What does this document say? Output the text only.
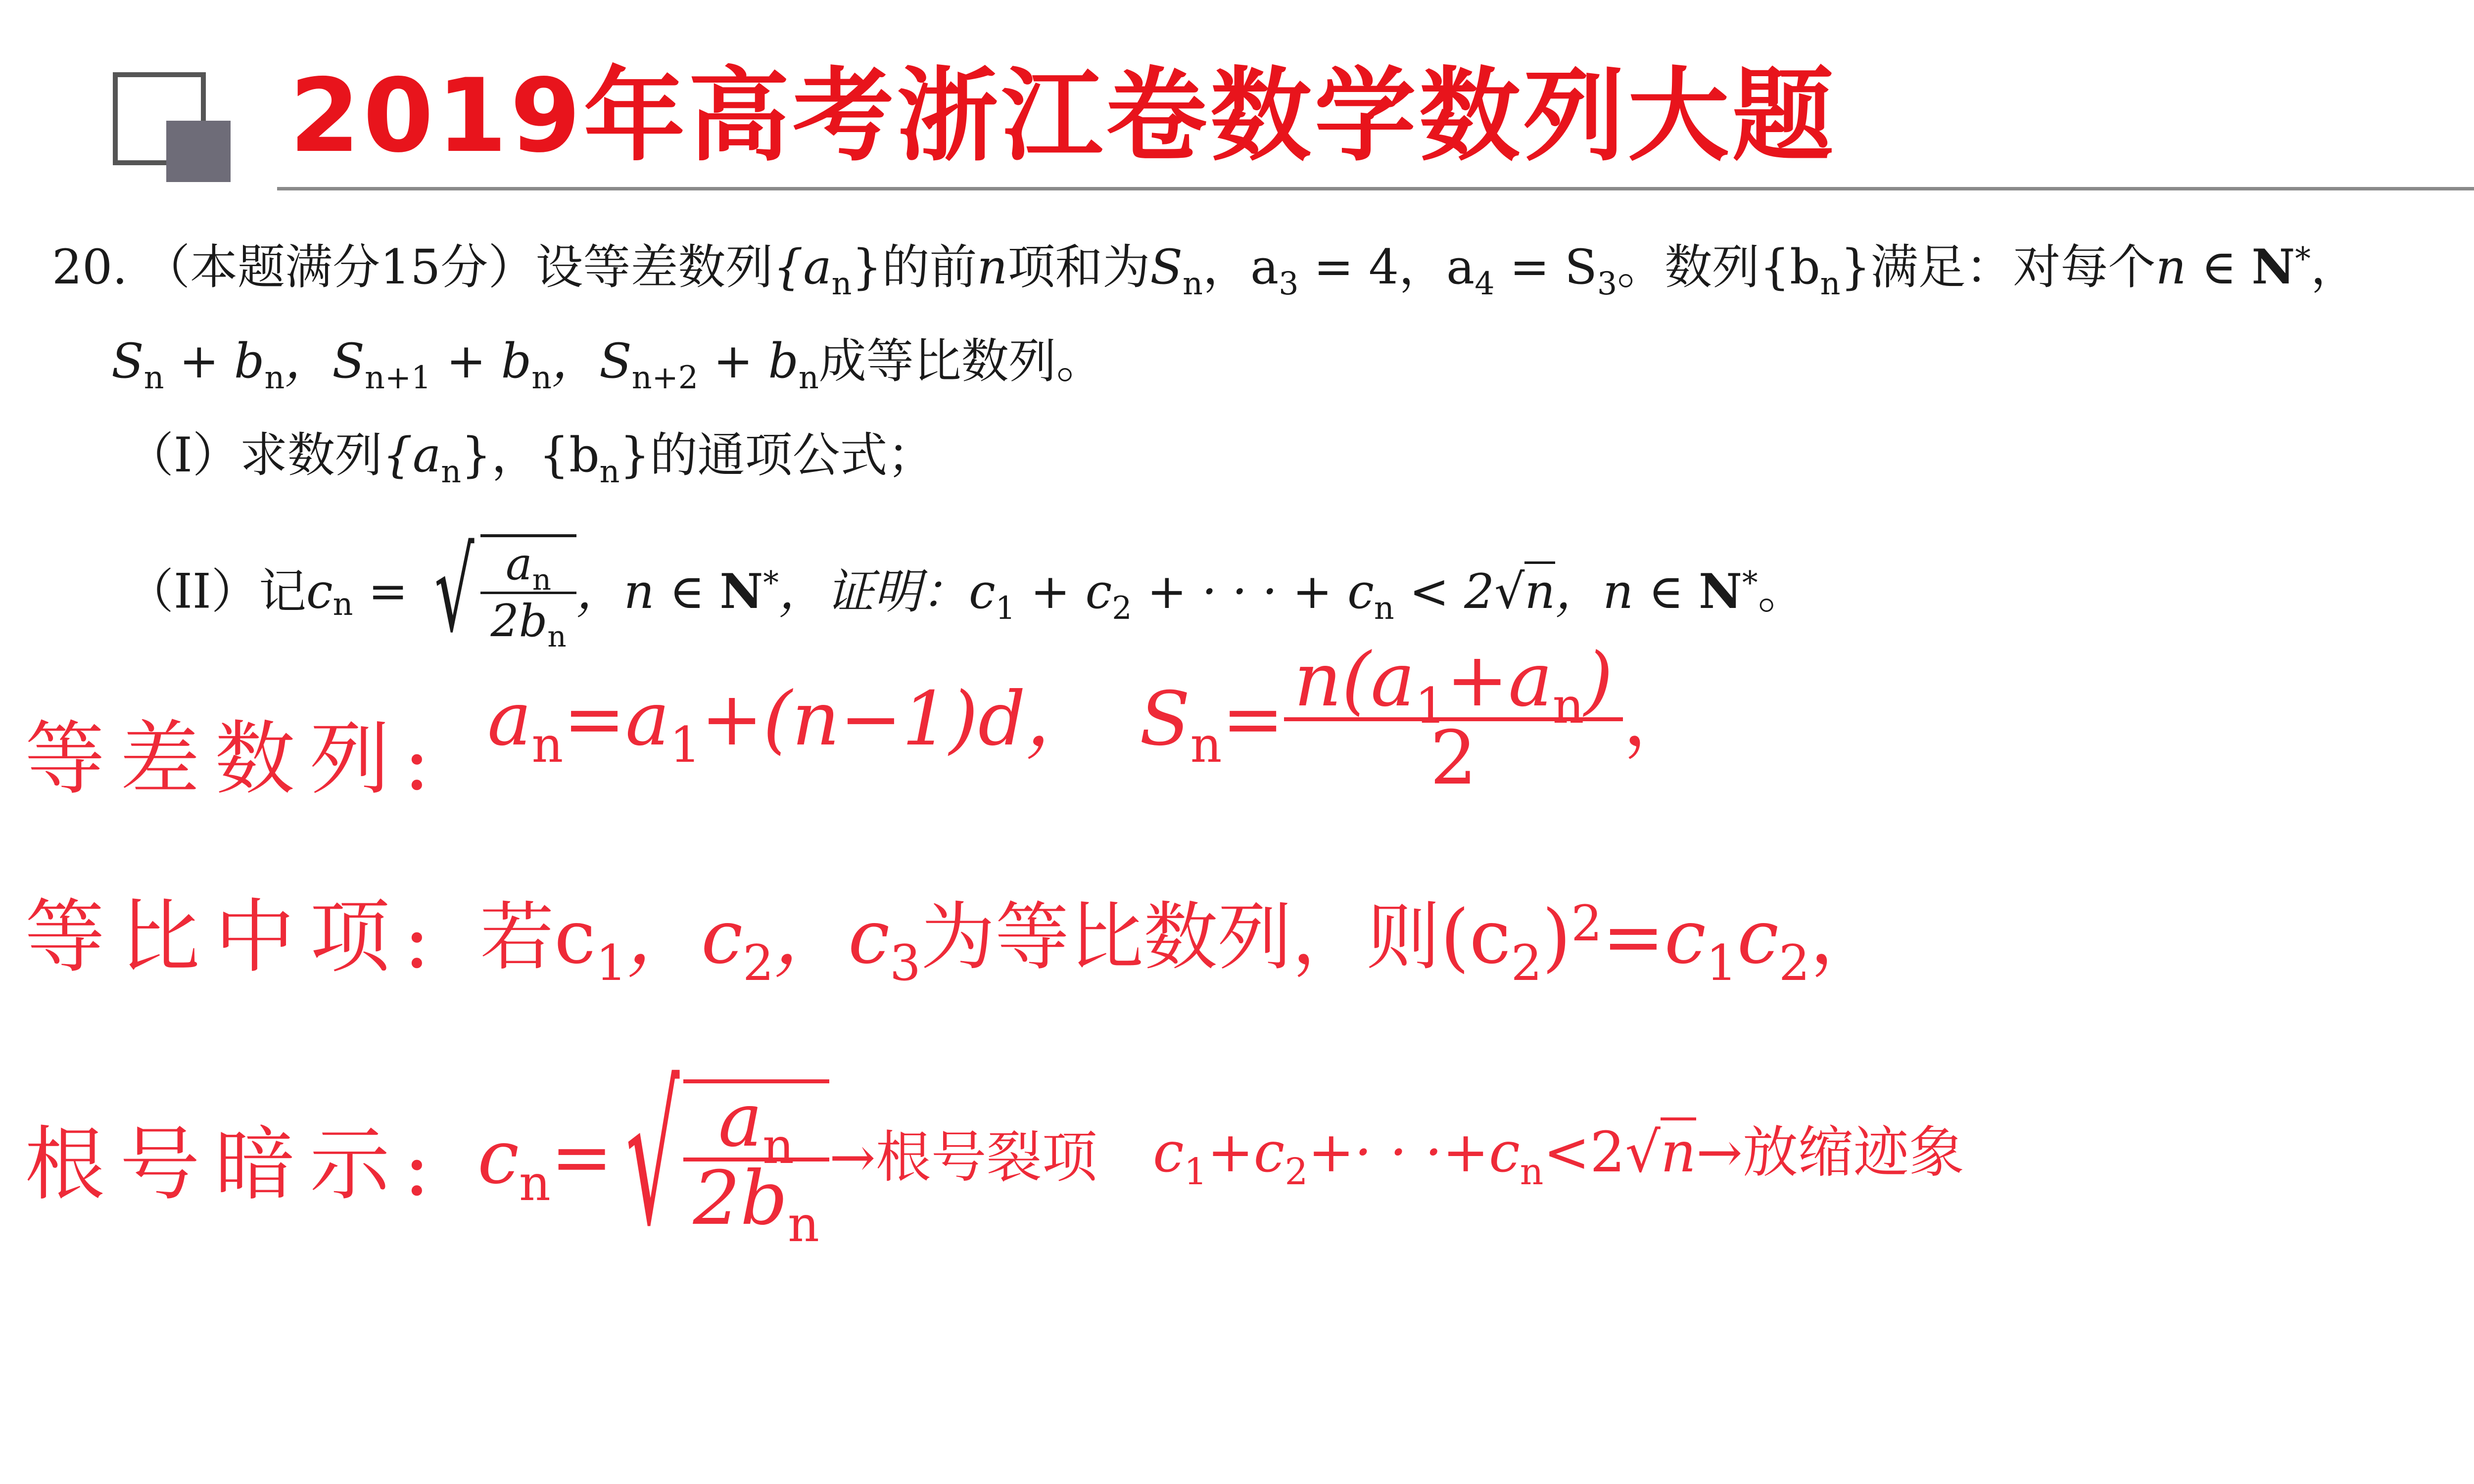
2019年高考浙江卷数学数列大题
20. （本题满分15分）设等差数列$\{a_n\}$的前n项和为$S_n$，$a_3 = 4$，$a_4 = S_3$。数列$\{b_n\}$满足：对每个n ∈ N*，
$S_n + b_n$，$S_{n+1} + b_n$，$S_{n+2} + b_n$成等比数列。
（I）求数列$\{a_n\}$，$\{b_n\}$的通项公式；
（II）记$c_n$ = √ $\frac{a_n}{2b_n}$ ，n ∈ N*，证明：$c_1 + c_2$ + · · · + $c_n < 2√n$，n ∈ N*。
等差数列
: $a_n=a_1+(n-1)d$， $S_n= \frac{n(a_1+a_n)}{2}$ ，
等比中项
: 若$c_1$，$c_2$，$c_3$为等比数列，则$(c_2)^2=c_1c_2$，
根号暗示
: $c_n=√ \frac{a_n}{2b_n}$ →根号裂项 $c_1+c_2+\cdot \cdot \cdot+c_n<2√n\to$放缩迹象
